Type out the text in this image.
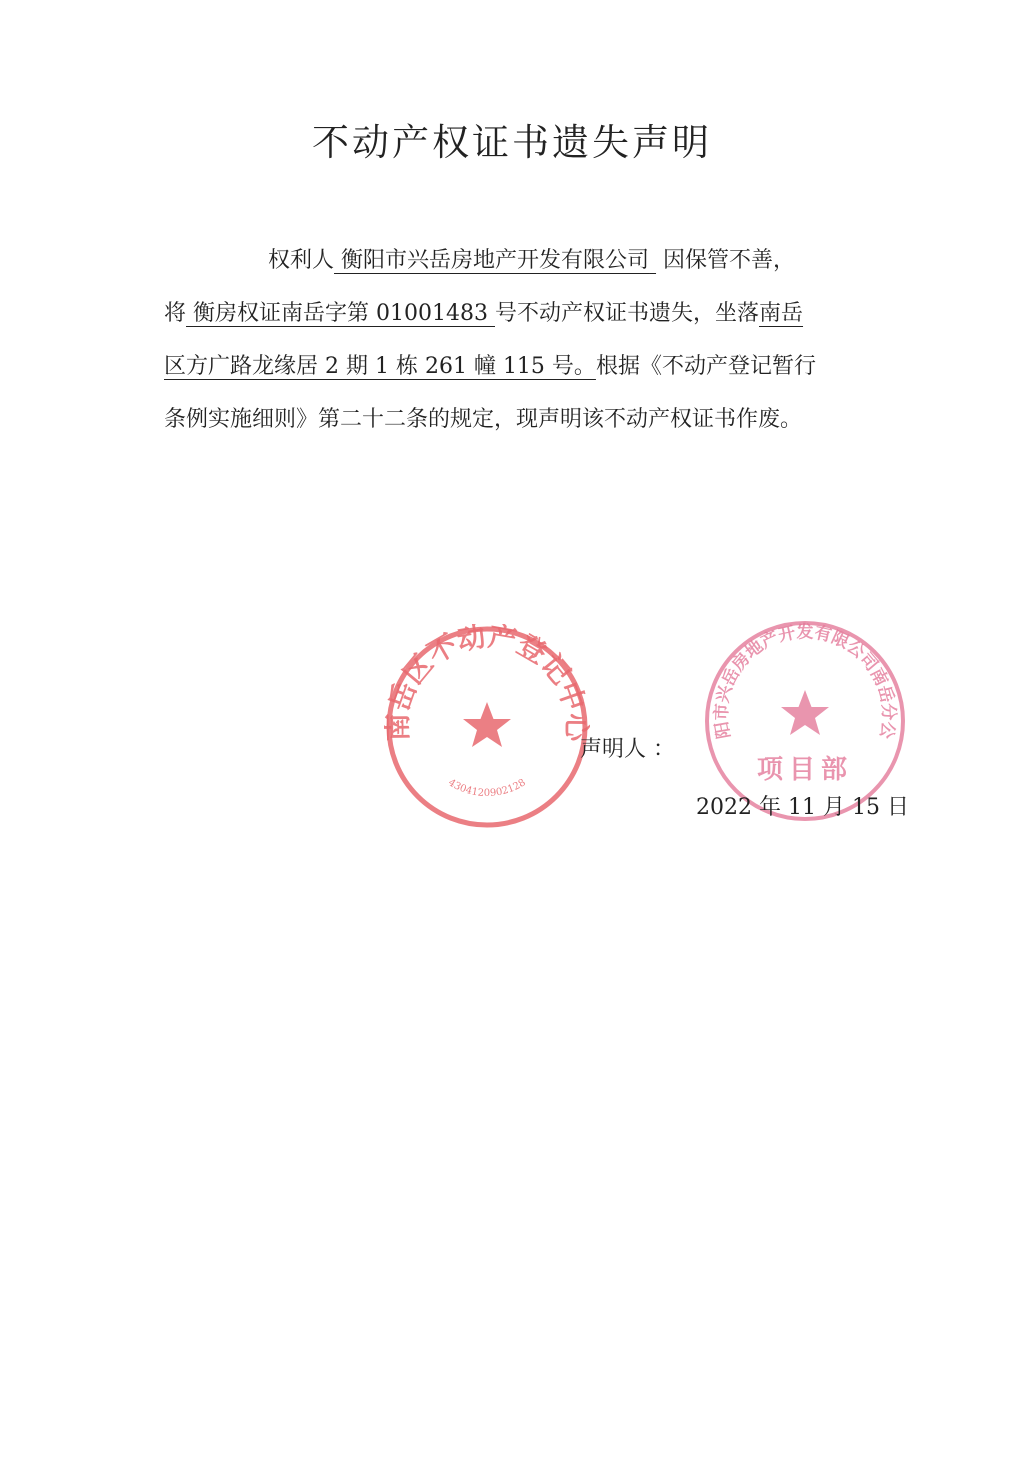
不动产权证书遗失声明
权利人 衡阳市兴岳房地产开发有限公司 因保管不善，
将 衡房权证南岳字第 01001483 号不动产权证书遗失，坐落南岳
区方广路龙缘居 2 期 1 栋 261 幢 115 号。根据《不动产登记暂行
条例实施细则》第二十二条的规定，现声明该不动产权证书作废。
南岳区不动产登记中心
4304120902128
阳市兴岳房地产开发有限公司南岳分公
项目部
声明人 ：
2022 年 11 月 15 日
